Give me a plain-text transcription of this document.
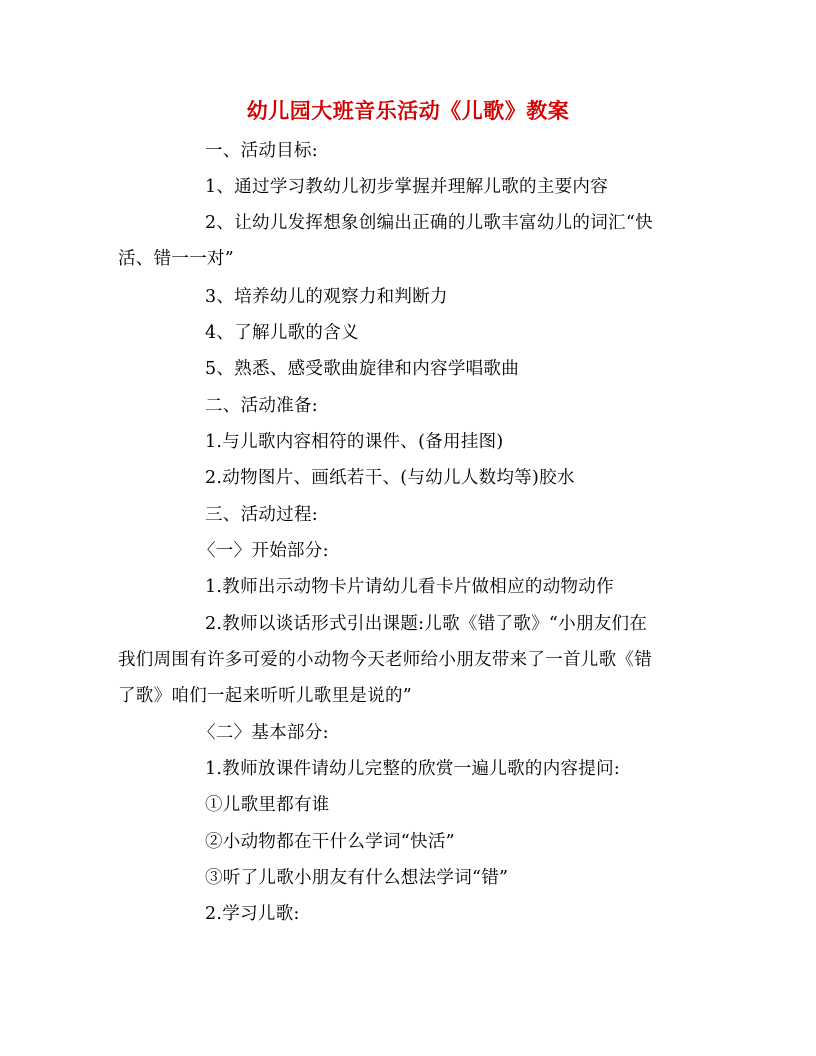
幼儿园大班音乐活动《儿歌》教案
一、活动目标:
1、通过学习教幼儿初步掌握并理解儿歌的主要内容
2、让幼儿发挥想象创编出正确的儿歌丰富幼儿的词汇“快
活、错一一对”
3、培养幼儿的观察力和判断力
4、了解儿歌的含义
5、熟悉、感受歌曲旋律和内容学唱歌曲
二、活动准备:
1.与儿歌内容相符的课件、(备用挂图)
2.动物图片、画纸若干、(与幼儿人数均等)胶水
三、活动过程:
〈一〉开始部分:
1.教师出示动物卡片请幼儿看卡片做相应的动物动作
2.教师以谈话形式引出课题:儿歌《错了歌》“小朋友们在
我们周围有许多可爱的小动物今天老师给小朋友带来了一首儿歌《错
了歌》咱们一起来听听儿歌里是说的”
〈二〉基本部分:
1.教师放课件请幼儿完整的欣赏一遍儿歌的内容提问:
①儿歌里都有谁
②小动物都在干什么学词“快活”
③听了儿歌小朋友有什么想法学词“错”
2.学习儿歌:
